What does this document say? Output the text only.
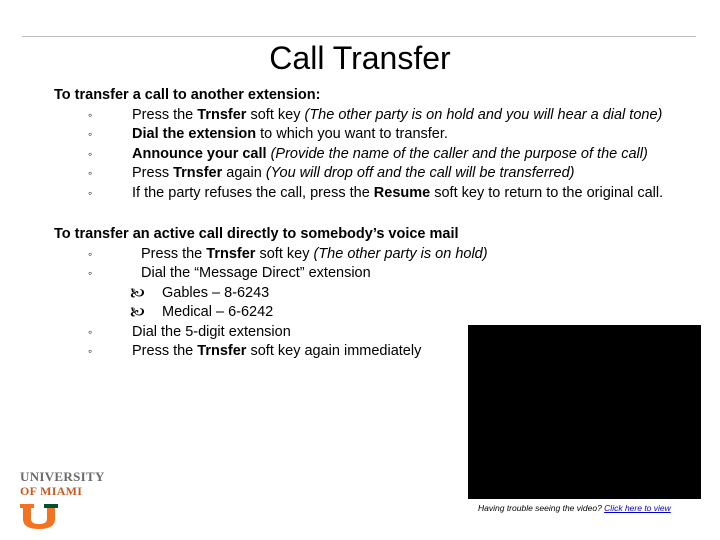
Call Transfer
To transfer a call to another extension:
◦	Press the Trnsfer soft key (The other party is on hold and you will hear a dial tone)
◦	Dial the extension to which you want to transfer.
◦	Announce your call (Provide the name of the caller and the purpose of the call)
◦	Press Trnsfer again (You will drop off and the call will be transferred)
◦	If the party refuses the call, press the Resume soft key to return to the original call.
To transfer an active call directly to somebody’s voice mail
◦	Press the Trnsfer soft key (The other party is on hold)
◦	Dial the “Message Direct” extension
🙤 Gables – 8-6243
🙤 Medical – 6-6242
◦	Dial the 5-digit extension
◦	Press the Trnsfer soft key again immediately
Having trouble seeing the video? Click here to view
UNIVERSITY
OF MIAMI
